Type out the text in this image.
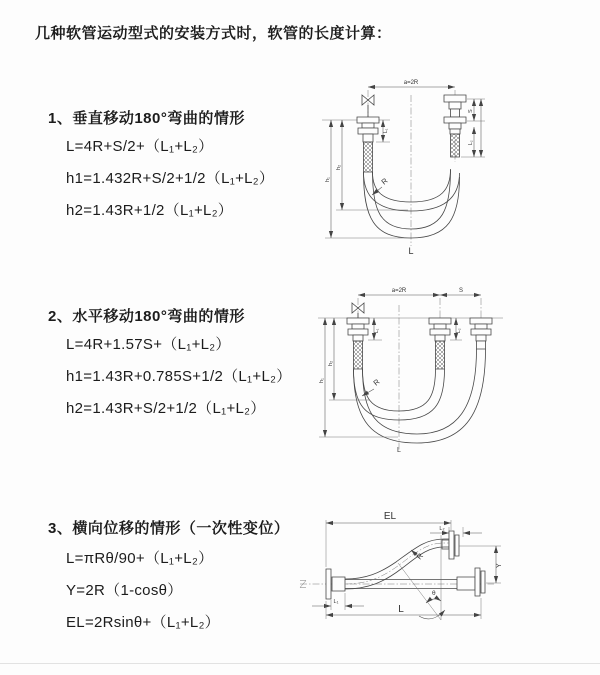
几种软管运动型式的安装方式时，软管的长度计算：
1、垂直移动180°弯曲的情形
L=4R+S/2+（L₁+L₂）
h1=1.432R+S/2+1/2（L₁+L₂）
h2=1.43R+1/2（L₁+L₂）
2、水平移动180°弯曲的情形
L=4R+1.57S+（L₁+L₂）
h1=1.43R+0.785S+1/2（L₁+L₂）
h2=1.43R+S/2+1/2（L₁+L₂）
3、横向位移的情形（一次性变位）
L=πRθ/90+（L₁+L₂）
Y=2R（1-cosθ）
EL=2Rsinθ+（L₁+L₂）
a=2R
R
h₁
h₂
L₁
S
L₂
L
a=2R	S
R
h₁
h₂
L₁	L₂
L
EL
L₂
R
θ
Y
L₁
L
